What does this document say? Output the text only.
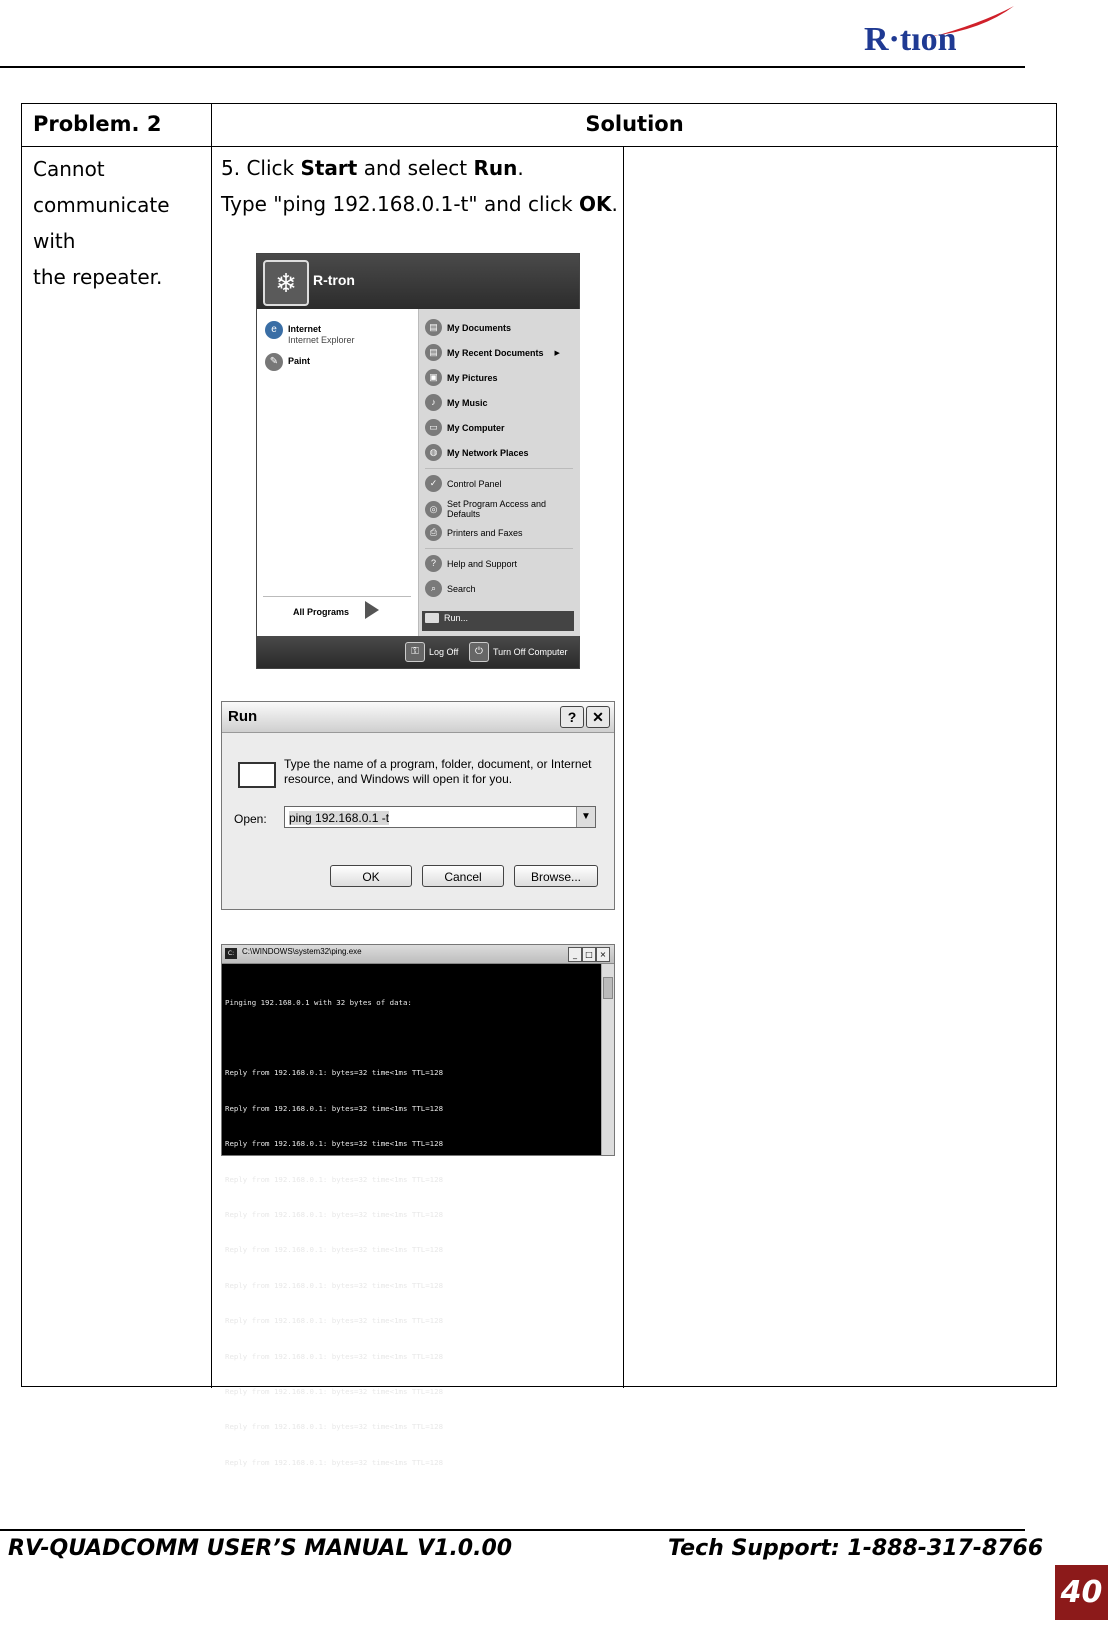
R·tıon
Problem. 2	Solution
Cannot
communicate
with
the repeater.
5. Click Start and select Run.
Type "ping 192.168.0.1-t" and click OK.
❄	R-tron
e	Internet
Internet Explorer
✎	Paint
All Programs
▤	My Documents
▤	My Recent Documents ▶
▣	My Pictures
♪	My Music
▭	My Computer
◍	My Network Places
✓	Control Panel
◎	Set Program Access and Defaults
⎙	Printers and Faxes
?	Help and Support
⌕	Search
Run...
⚿	Log Off	⏻	Turn Off Computer
Run	?	✕
Type the name of a program, folder, document, or Internet resource, and Windows will open it for you.
Open:	ping 192.168.0.1 -t	▼
OK	Cancel	Browse...
C: C:\WINDOWS\system32\ping.exe	_	□ ×

Pinging 192.168.0.1 with 32 bytes of data:

Reply from 192.168.0.1: bytes=32 time<1ms TTL=128

Reply from 192.168.0.1: bytes=32 time<1ms TTL=128

Reply from 192.168.0.1: bytes=32 time<1ms TTL=128

Reply from 192.168.0.1: bytes=32 time<1ms TTL=128

Reply from 192.168.0.1: bytes=32 time<1ms TTL=128

Reply from 192.168.0.1: bytes=32 time<1ms TTL=128

Reply from 192.168.0.1: bytes=32 time<1ms TTL=128

Reply from 192.168.0.1: bytes=32 time<1ms TTL=128

Reply from 192.168.0.1: bytes=32 time<1ms TTL=128

Reply from 192.168.0.1: bytes=32 time<1ms TTL=128

Reply from 192.168.0.1: bytes=32 time<1ms TTL=128

Reply from 192.168.0.1: bytes=32 time<1ms TTL=128

RV-QUADCOMM USER’S MANUAL V1.0.00	Tech Support: 1-888-317-8766
40
